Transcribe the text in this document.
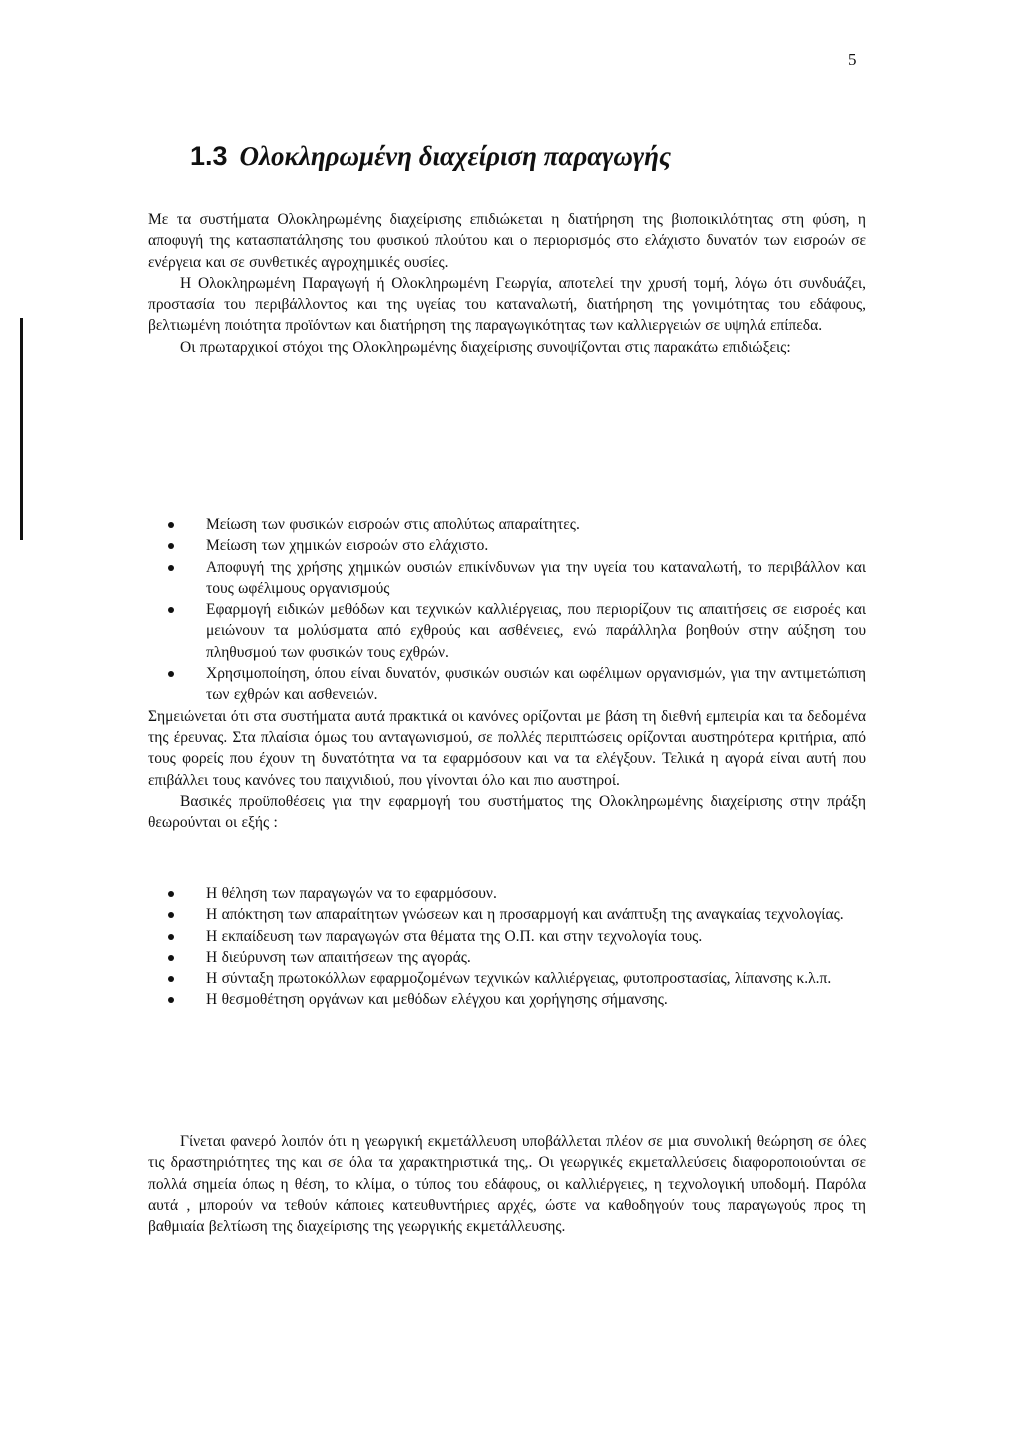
5
1.3 Ολοκληρωμένη διαχείριση παραγωγής

Με τα συστήματα Ολοκληρωμένης διαχείρισης επιδιώκεται η διατήρηση της βιοποικιλότητας στη φύση, η αποφυγή της κατασπατάλησης του φυσικού πλούτου και ο περιορισμός στο ελάχιστο δυνατόν των εισροών σε ενέργεια και σε συνθετικές αγροχημικές ουσίες.

Η Ολοκληρωμένη Παραγωγή ή Ολοκληρωμένη Γεωργία, αποτελεί την χρυσή τομή, λόγω ότι συνδυάζει, προστασία του περιβάλλοντος και της υγείας του καταναλωτή, διατήρηση της γονιμότητας του εδάφους, βελτιωμένη ποιότητα προϊόντων και διατήρηση της παραγωγικότητας των καλλιεργειών σε υψηλά επίπεδα.

Οι πρωταρχικοί στόχοι της Ολοκληρωμένης διαχείρισης συνοψίζονται στις παρακάτω επιδιώξεις:

Μείωση των φυσικών εισροών στις απολύτως απαραίτητες.
Μείωση των χημικών εισροών στο ελάχιστο.
Αποφυγή της χρήσης χημικών ουσιών επικίνδυνων για την υγεία του καταναλωτή, το περιβάλλον και τους ωφέλιμους οργανισμούς
Εφαρμογή ειδικών μεθόδων και τεχνικών καλλιέργειας, που περιορίζουν τις απαιτήσεις σε εισροές και μειώνουν τα μολύσματα από εχθρούς και ασθένειες, ενώ παράλληλα βοηθούν στην αύξηση του πληθυσμού των φυσικών τους εχθρών.
Χρησιμοποίηση, όπου είναι δυνατόν, φυσικών ουσιών και ωφέλιμων οργανισμών, για την αντιμετώπιση των εχθρών και ασθενειών.

Σημειώνεται ότι στα συστήματα αυτά πρακτικά οι κανόνες ορίζονται με βάση τη διεθνή εμπειρία και τα δεδομένα της έρευνας. Στα πλαίσια όμως του ανταγωνισμού, σε πολλές περιπτώσεις ορίζονται αυστηρότερα κριτήρια, από τους φορείς που έχουν τη δυνατότητα να τα εφαρμόσουν και να τα ελέγξουν. Τελικά η αγορά είναι αυτή που επιβάλλει τους κανόνες του παιχνιδιού, που γίνονται όλο και πιο αυστηροί.

Βασικές προϋποθέσεις για την εφαρμογή του συστήματος της Ολοκληρωμένης διαχείρισης στην πράξη θεωρούνται οι εξής :

Η θέληση των παραγωγών να το εφαρμόσουν.
Η απόκτηση των απαραίτητων γνώσεων και η προσαρμογή και ανάπτυξη της αναγκαίας τεχνολογίας.
Η εκπαίδευση των παραγωγών στα θέματα της Ο.Π. και στην τεχνολογία τους.
Η διεύρυνση των απαιτήσεων της αγοράς.
Η σύνταξη πρωτοκόλλων εφαρμοζομένων τεχνικών καλλιέργειας, φυτοπροστασίας, λίπανσης κ.λ.π.
Η θεσμοθέτηση οργάνων και μεθόδων ελέγχου και χορήγησης σήμανσης.

Γίνεται φανερό λοιπόν ότι η γεωργική εκμετάλλευση υποβάλλεται πλέον σε μια συνολική θεώρηση σε όλες τις δραστηριότητες της και σε όλα τα χαρακτηριστικά της,. Οι γεωργικές εκμεταλλεύσεις διαφοροποιούνται σε πολλά σημεία όπως η θέση, το κλίμα, ο τύπος του εδάφους, οι καλλιέργειες, η τεχνολογική υποδομή. Παρόλα αυτά , μπορούν να τεθούν κάποιες κατευθυντήριες αρχές, ώστε να καθοδηγούν τους παραγωγούς προς τη βαθμιαία βελτίωση της διαχείρισης της γεωργικής εκμετάλλευσης.
